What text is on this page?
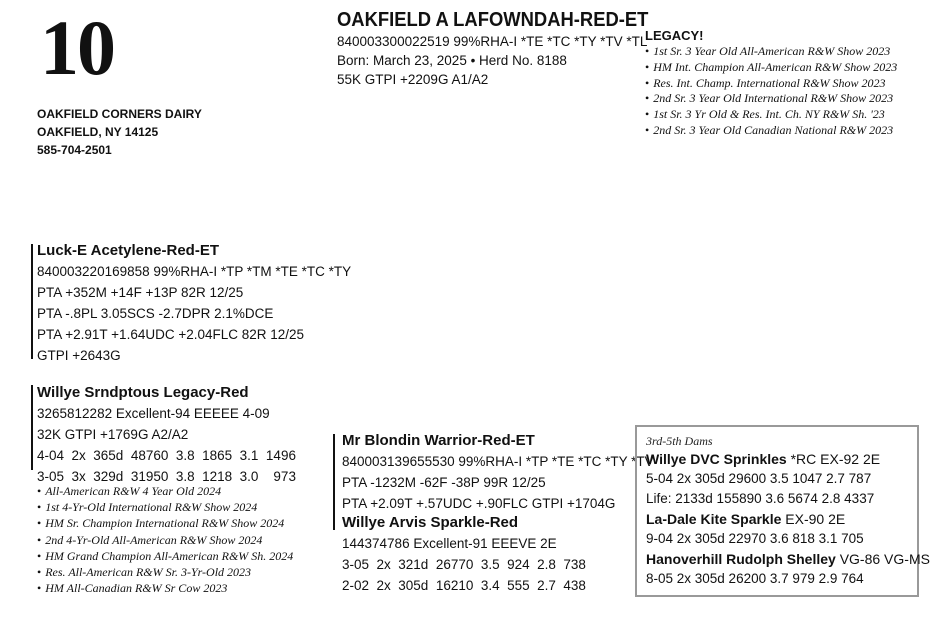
10
OAKFIELD CORNERS DAIRY
OAKFIELD, NY 14125
585-704-2501
OAKFIELD A LAFOWNDAH-RED-ET
840003300022519 99%RHA-I *TE *TC *TY *TV *TL
Born: March 23, 2025 • Herd No. 8188
55K GTPI +2209G A1/A2
LEGACY!
• 1st Sr. 3 Year Old All-American R&W Show 2023
• HM Int. Champion All-American R&W Show 2023
• Res. Int. Champ. International R&W Show 2023
• 2nd Sr. 3 Year Old International R&W Show 2023
• 1st Sr. 3 Yr Old & Res. Int. Ch. NY R&W Sh. '23
• 2nd Sr. 3 Year Old Canadian National R&W 2023
Luck-E Acetylene-Red-ET
840003220169858 99%RHA-I *TP *TM *TE *TC *TY
PTA +352M +14F +13P 82R 12/25
PTA -.8PL 3.05SCS -2.7DPR 2.1%DCE
PTA +2.91T +1.64UDC +2.04FLC 82R 12/25
GTPI +2643G
Willye Srndptous Legacy-Red
3265812282 Excellent-94 EEEEE 4-09
32K GTPI +1769G A2/A2
4-04  2x  365d  48760  3.8  1865  3.1  1496
3-05  3x  329d  31950  3.8  1218  3.0    973
• All-American R&W 4 Year Old 2024
• 1st 4-Yr-Old International R&W Show 2024
• HM Sr. Champion International R&W Show 2024
• 2nd 4-Yr-Old All-American R&W Show 2024
• HM Grand Champion All-American R&W Sh. 2024
• Res. All-American R&W Sr. 3-Yr-Old 2023
• HM All-Canadian R&W Sr Cow 2023
Mr Blondin Warrior-Red-ET
840003139655530 99%RHA-I *TP *TE *TC *TY *TV
PTA -1232M -62F -38P 99R 12/25
PTA +2.09T +.57UDC +.90FLC GTPI +1704G
Willye Arvis Sparkle-Red
144374786 Excellent-91 EEEVE 2E
3-05  2x  321d  26770  3.5  924  2.8  738
2-02  2x  305d  16210  3.4  555  2.7  438
3rd-5th Dams
Willye DVC Sprinkles *RC EX-92 2E
5-04 2x 305d 29600 3.5 1047 2.7 787
Life: 2133d 155890 3.6 5674 2.8 4337
La-Dale Kite Sparkle EX-90 2E
9-04 2x 305d 22970 3.6 818 3.1 705
Hanoverhill Rudolph Shelley VG-86 VG-MS
8-05 2x 305d 26200 3.7 979 2.9 764
